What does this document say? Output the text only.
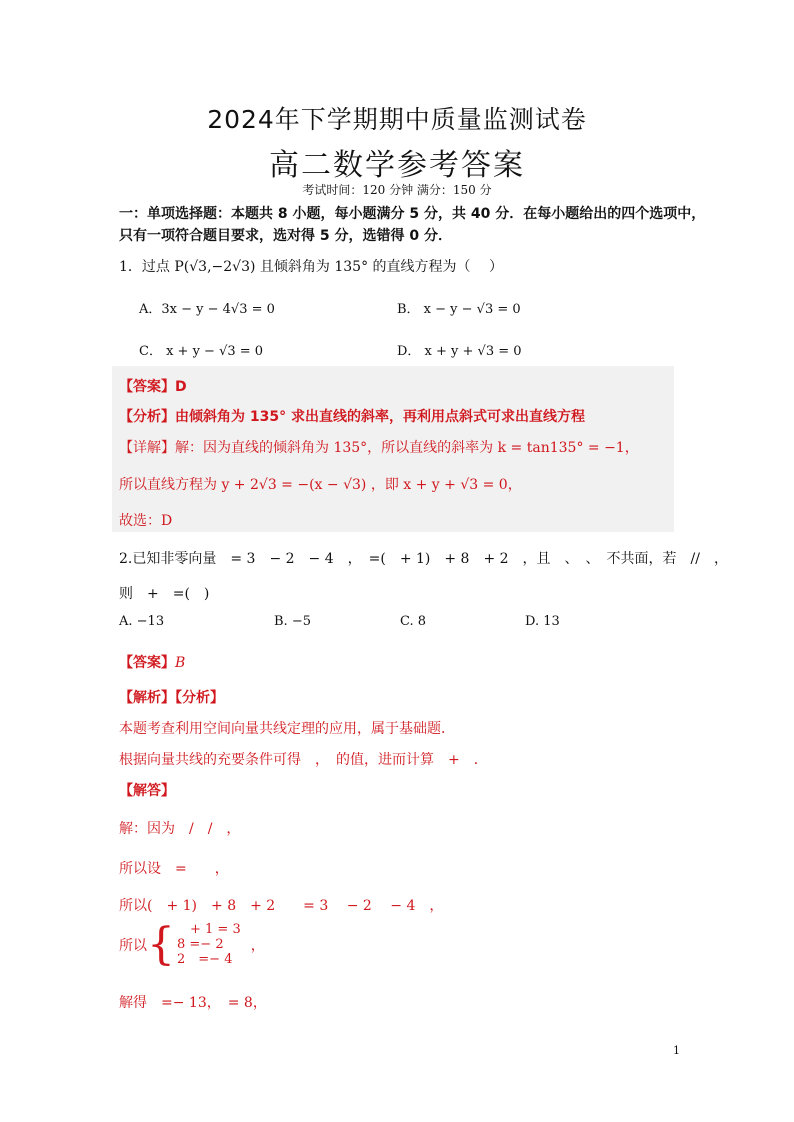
2024年下学期期中质量监测试卷
高二数学参考答案
考试时间：120 分钟 满分：150 分
一：单项选择题：本题共 8 小题，每小题满分 5 分，共 40 分．在每小题给出的四个选项中，
只有一项符合题目要求，选对得 5 分，选错得 0 分．
1．过点 P(√3,−2√3) 且倾斜角为 135° 的直线方程为（　 ）
A．3x − y − 4√3 = 0	B． x − y − √3 = 0
C． x + y − √3 = 0	D． x + y + √3 = 0
【答案】D
【分析】由倾斜角为 135° 求出直线的斜率，再利用点斜式可求出直线方程
【详解】解：因为直线的倾斜角为 135°，所以直线的斜率为 k = tan135° = −1，
所以直线方程为 y + 2√3 = −(x − √3) ，即 x + y + √3 = 0，
故选：D
2.已知非零向量　= 3　− 2　− 4　，　=(　+ 1)　+ 8　+ 2　，且　、　、　不共面，若　//　，
则　+　=(　)
A. −13	B. −5	C. 8	D. 13
【答案】B
【解析】【分析】
本题考查利用空间向量共线定理的应用，属于基础题．
根据向量共线的充要条件可得　，　的值，进而计算　+　．
【解答】
解：因为　/　/　，
所以设　=　　，
所以(　+ 1)　+ 8　+ 2　　= 3　 − 2　 − 4　，
所以 { 　+ 1 = 3
8 =− 2
2　=− 4
，
解得　=− 13，　= 8，
1
